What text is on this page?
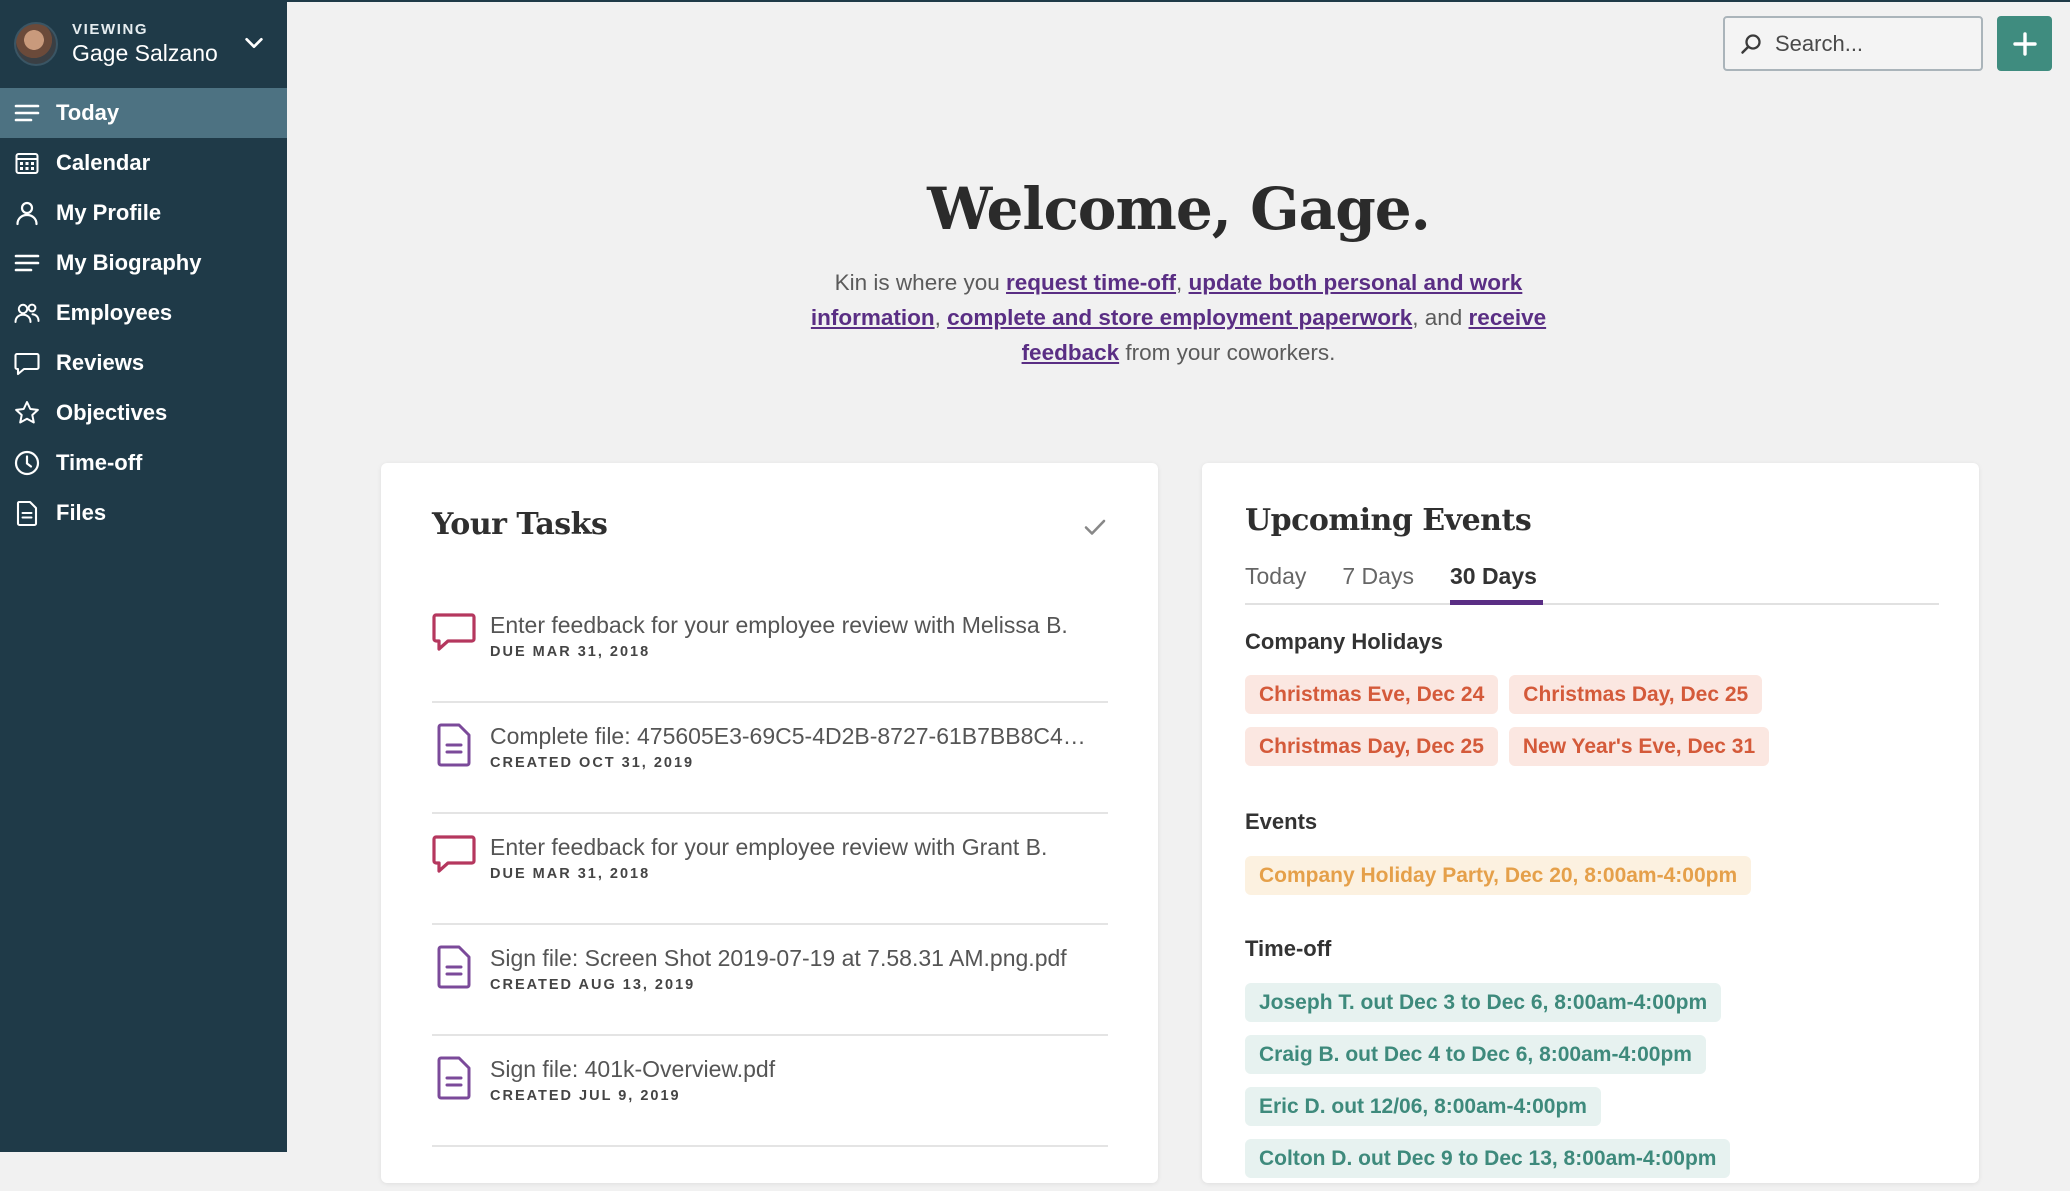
VIEWING
Gage Salzano
Today
Calendar
My Profile
My Biography
Employees
Reviews
Objectives
Time-off
Files
Search...
Welcome, Gage.

Kin is where you request time-off, update both personal and work information, complete and store employment paperwork, and receive feedback from your coworkers.

Your Tasks
Enter feedback for your employee review with Melissa B.
DUE MAR 31, 2018
Complete file: 475605E3-69C5-4D2B-8727-61B7BB8C4…
CREATED OCT 31, 2019
Enter feedback for your employee review with Grant B.
DUE MAR 31, 2018
Sign file: Screen Shot 2019-07-19 at 7.58.31 AM.png.pdf
CREATED AUG 13, 2019
Sign file: 401k-Overview.pdf
CREATED JUL 9, 2019
Upcoming Events
Today 7 Days 30 Days
Company Holidays
Christmas Eve, Dec 24	Christmas Day, Dec 25
Christmas Day, Dec 25	New Year's Eve, Dec 31
Events
Company Holiday Party, Dec 20, 8:00am-4:00pm
Time-off
Joseph T. out Dec 3 to Dec 6, 8:00am-4:00pm
Craig B. out Dec 4 to Dec 6, 8:00am-4:00pm
Eric D. out 12/06, 8:00am-4:00pm
Colton D. out Dec 9 to Dec 13, 8:00am-4:00pm
